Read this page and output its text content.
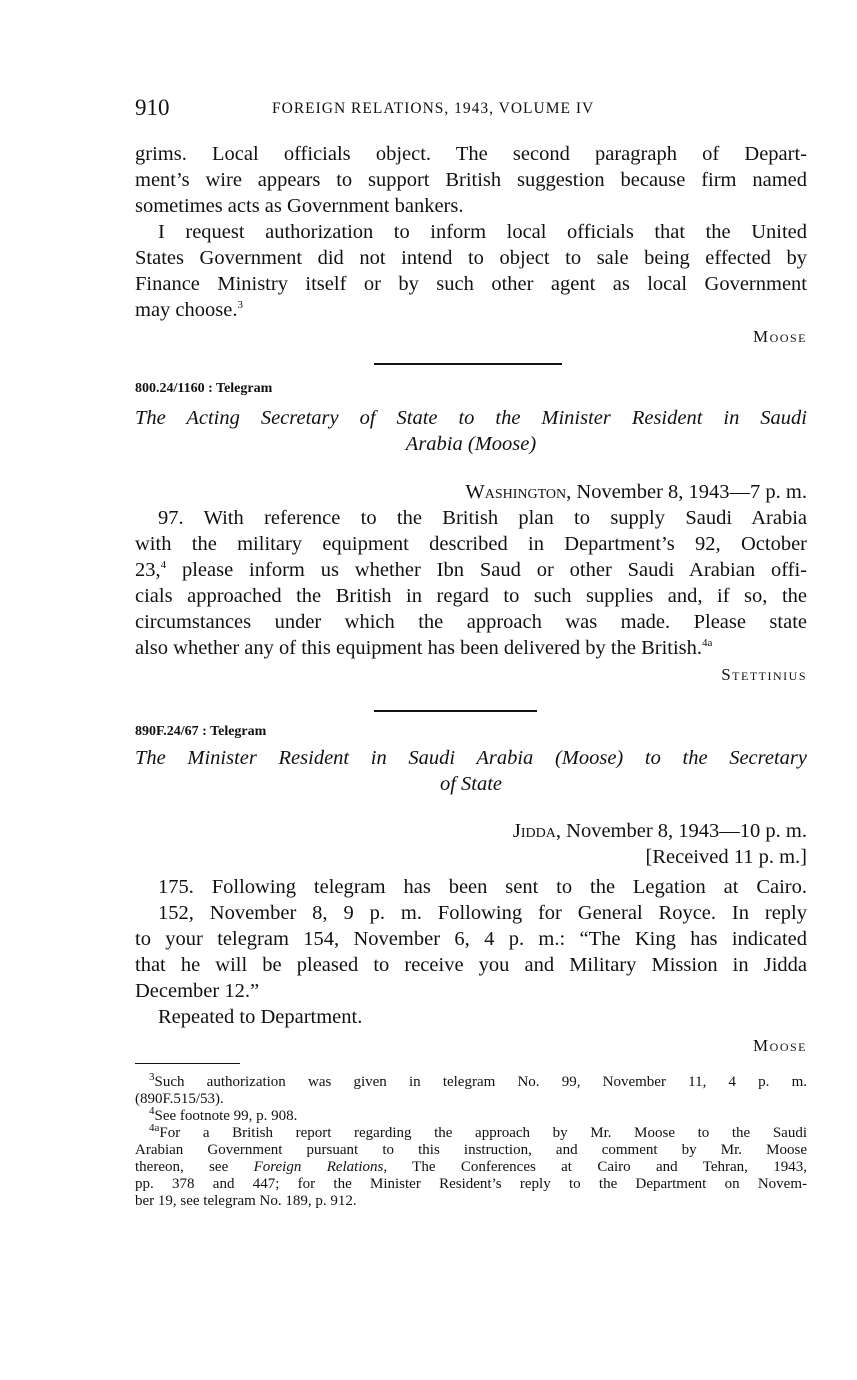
910	FOREIGN RELATIONS, 1943, VOLUME IV
grims. Local officials object. The second paragraph of Depart-
ment’s wire appears to support British suggestion because firm named
sometimes acts as Government bankers.
I request authorization to inform local officials that the United
States Government did not intend to object to sale being effected by
Finance Ministry itself or by such other agent as local Government
may choose.$^3$
Moose
800.24/1160 : Telegram
The Acting Secretary of State to the Minister Resident in Saudi
Arabia (Moose)
Washington, November 8, 1943—7 p. m.
97. With reference to the British plan to supply Saudi Arabia
with the military equipment described in Department’s 92, October
23,$^4$ please inform us whether Ibn Saud or other Saudi Arabian offi-
cials approached the British in regard to such supplies and, if so, the
circumstances under which the approach was made. Please state
also whether any of this equipment has been delivered by the British.$^{4a}$
Stettinius
890F.24/67 : Telegram
The Minister Resident in Saudi Arabia (Moose) to the Secretary
of State
Jidda, November 8, 1943—10 p. m.
[Received 11 p. m.]
175. Following telegram has been sent to the Legation at Cairo.
152, November 8, 9 p. m. Following for General Royce. In reply
to your telegram 154, November 6, 4 p. m.: “The King has indicated
that he will be pleased to receive you and Military Mission in Jidda
December 12.”
Repeated to Department.
Moose

$^3$Such authorization was given in telegram No. 99, November 11, 4 p. m.

(890F.515/53).

$^4$See footnote 99, p. 908.

$^{4a}$For a British report regarding the approach by Mr. Moose to the Saudi

Arabian Government pursuant to this instruction, and comment by Mr. Moose

thereon, see Foreign Relations, The Conferences at Cairo and Tehran, 1943,

pp. 378 and 447; for the Minister Resident’s reply to the Department on Novem-

ber 19, see telegram No. 189, p. 912.
